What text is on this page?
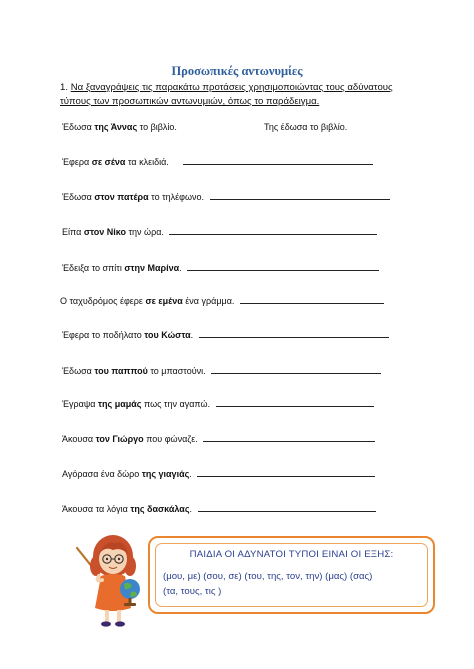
Προσωπικές αντωνυμίες
1. Να ξαναγράψεις τις παρακάτω προτάσεις χρησιμοποιώντας τους αδύνατους
τύπους των προσωπικών αντωνυμιών, όπως το παράδειγμα.
Έδωσα της Άννας το βιβλίο.	Της έδωσα το βιβλίο.
Έφερα σε σένα τα κλειδιά.
Έδωσα στον πατέρα το τηλέφωνο.
Είπα στον Νίκο την ώρα.
Έδειξα το σπίτι στην Μαρίνα.
Ο ταχυδρόμος έφερε σε εμένα ένα γράμμα.
Έφερα το ποδήλατο του Κώστα.
Έδωσα του παππού το μπαστούνι.
Έγραψα της μαμάς πως την αγαπώ.
Άκουσα τον Γιώργο που φώναζε.
Αγόρασα ένα δώρο της γιαγιάς.
Άκουσα τα λόγια της δασκάλας.
ΠΑΙΔΙΑ ΟΙ ΑΔΥΝΑΤΟΙ ΤΥΠΟΙ ΕΙΝΑΙ ΟΙ ΕΞΗΣ:
(μου, με) (σου, σε) (του, της, τον, την) (μας) (σας)
(τα, τους, τις )
